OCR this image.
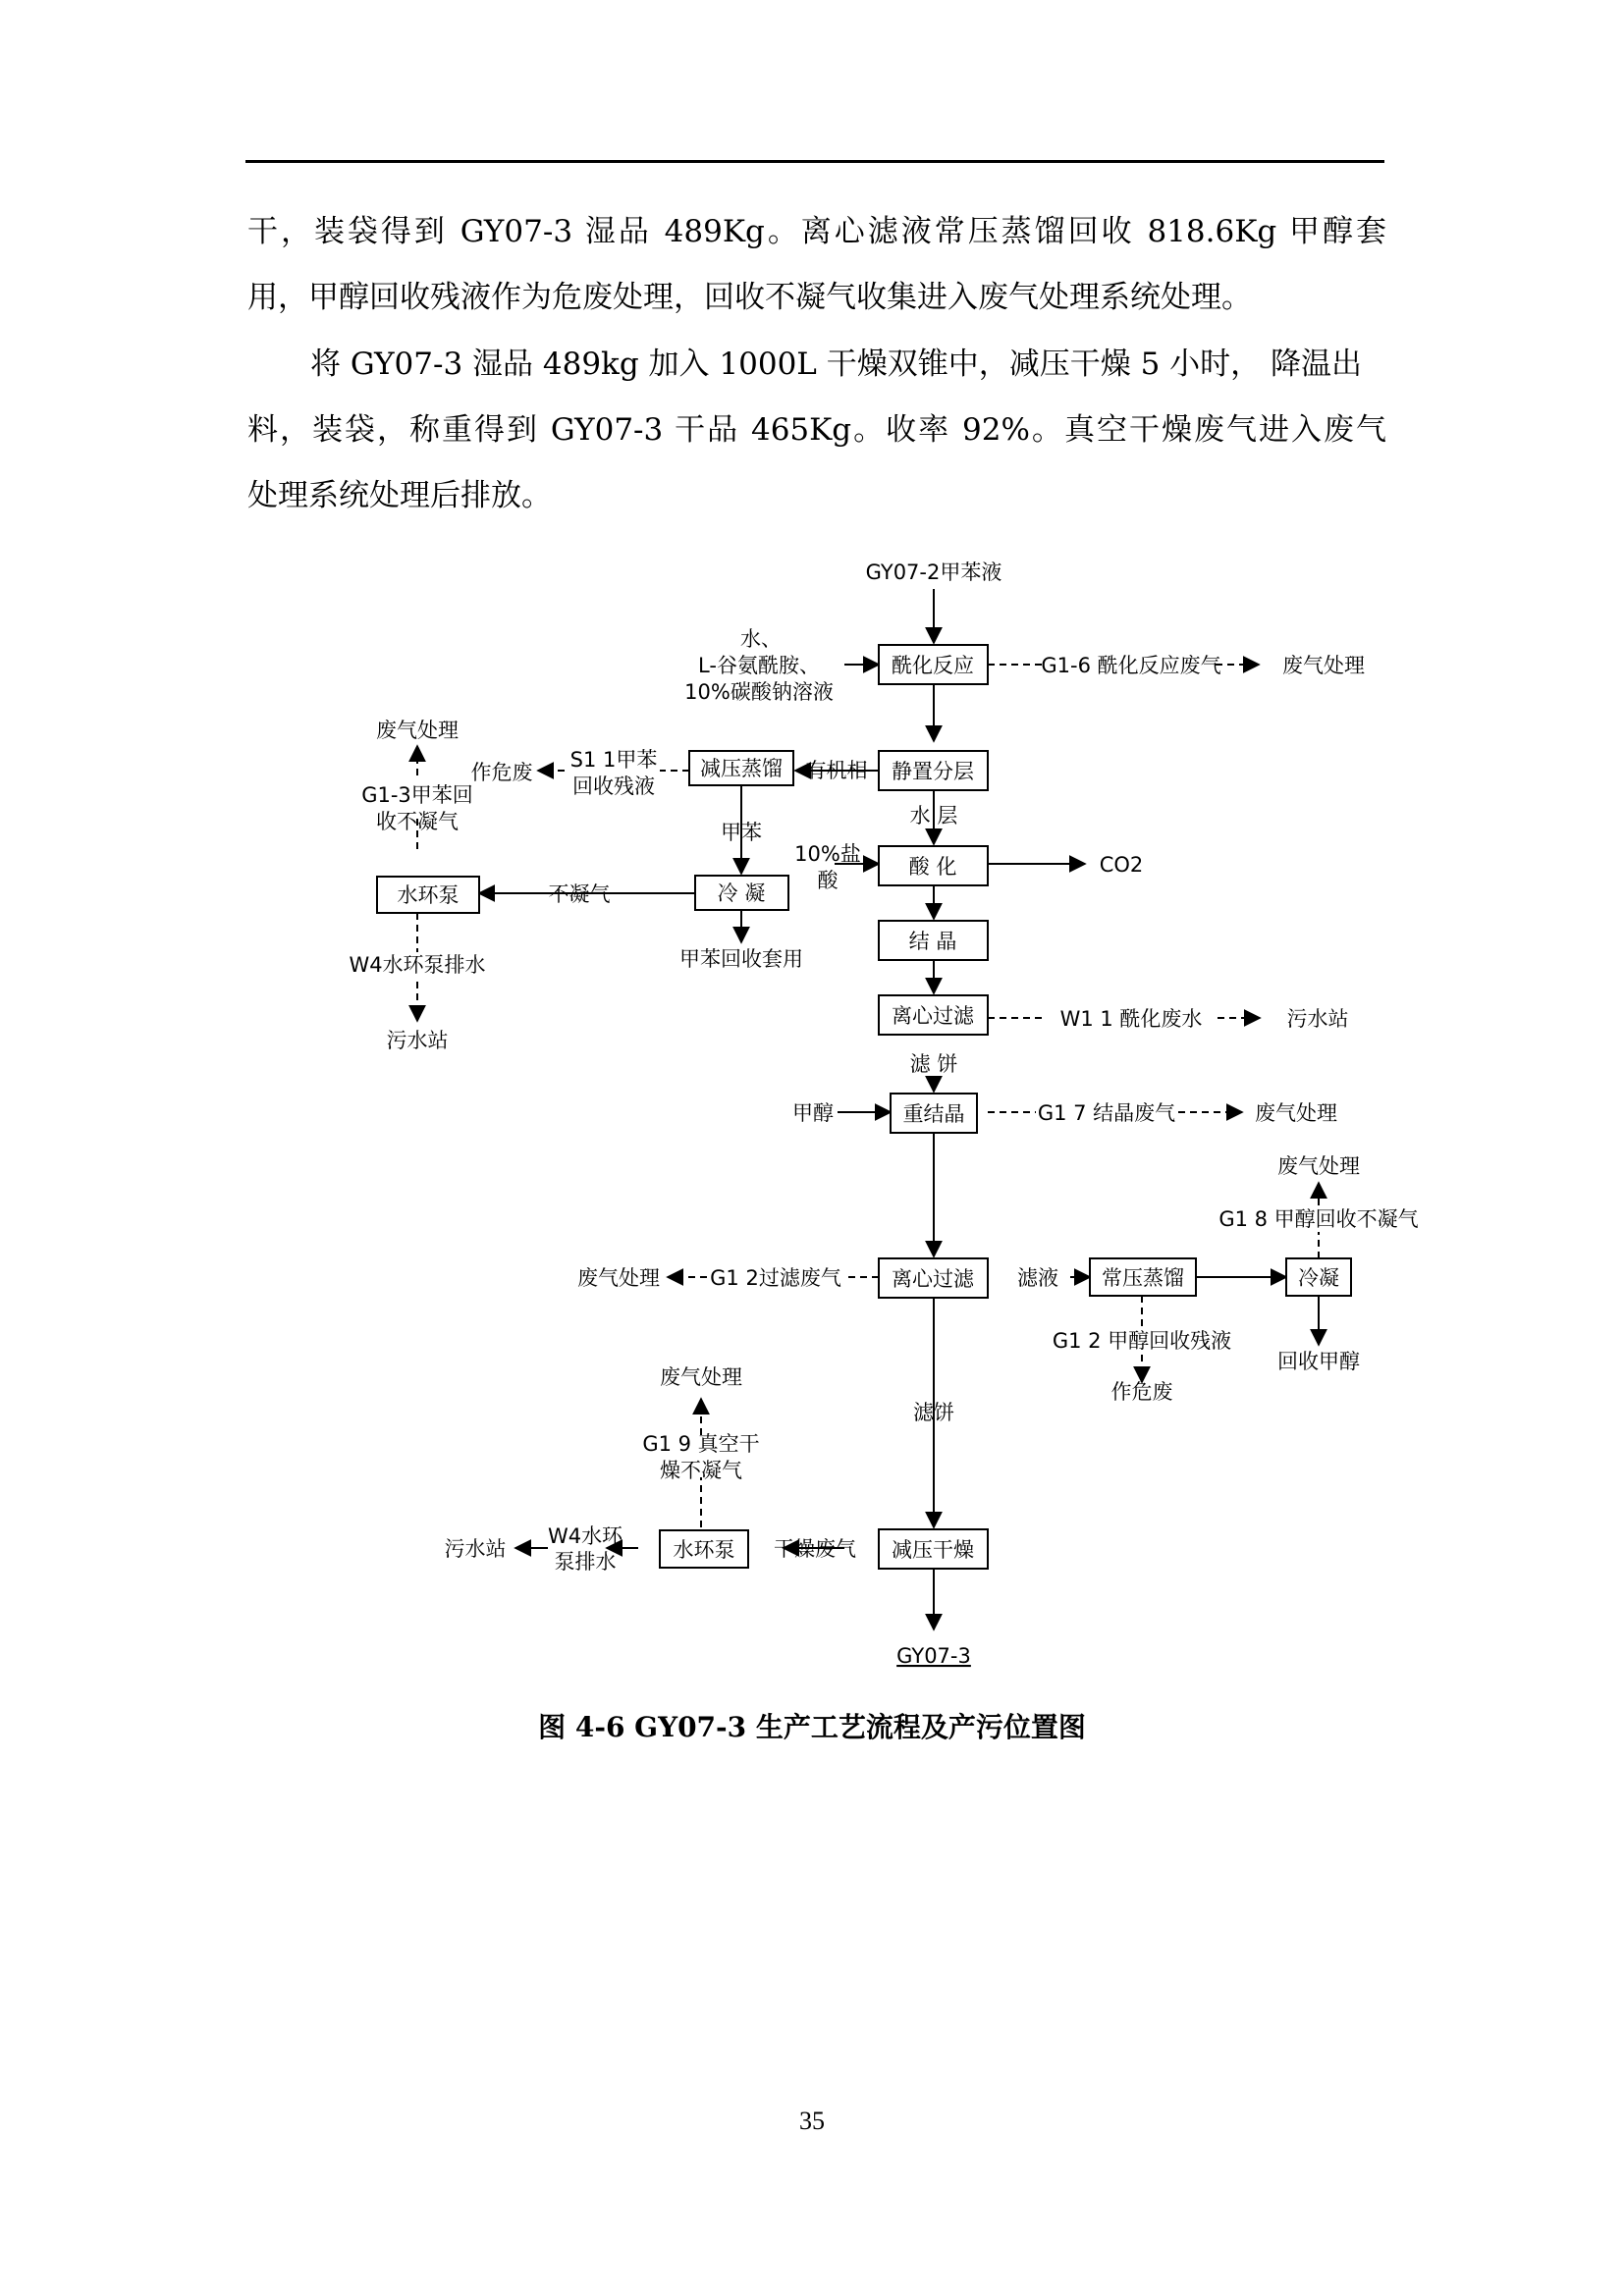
干，装袋得到 GY07-3 湿品 489Kg。离心滤液常压蒸馏回收 818.6Kg 甲醇套
用，甲醇回收残液作为危废处理，回收不凝气收集进入废气处理系统处理。

将 GY07-3 湿品 489kg 加入 1000L 干燥双锥中，减压干燥 5 小时， 降温出
料，装袋，称重得到 GY07-3 干品 465Kg。收率 92%。真空干燥废气进入废气
处理系统处理后排放。

酰化反应
静置分层
减压蒸馏
水环泵	冷 凝
酸 化
结 晶
离心过滤
重结晶
离心过滤	常压蒸馏	冷凝
水环泵	减压干燥
GY07-2甲苯液
水、
L-谷氨酰胺、
10%碳酸钠溶液
G1-6 酰化反应废气	废气处理
有机相
S1 1甲苯
回收残液
作危废
废气处理
G1-3甲苯回
收不凝气
不凝气
甲苯
甲苯回收套用
W4水环泵排水
污水站
水 层
10%盐
酸
CO2
W1 1 酰化废水	污水站
滤 饼
甲醇	G1 7 结晶废气	废气处理
G1 2过滤废气
废气处理	滤液
废气处理
G1 8 甲醇回收不凝气
G1 2 甲醇回收残液
作危废
回收甲醇
滤饼
废气处理
G1 9 真空干
燥不凝气
干燥废气
W4水环
泵排水
污水站
GY07-3
图 4-6 GY07-3 生产工艺流程及产污位置图
35
